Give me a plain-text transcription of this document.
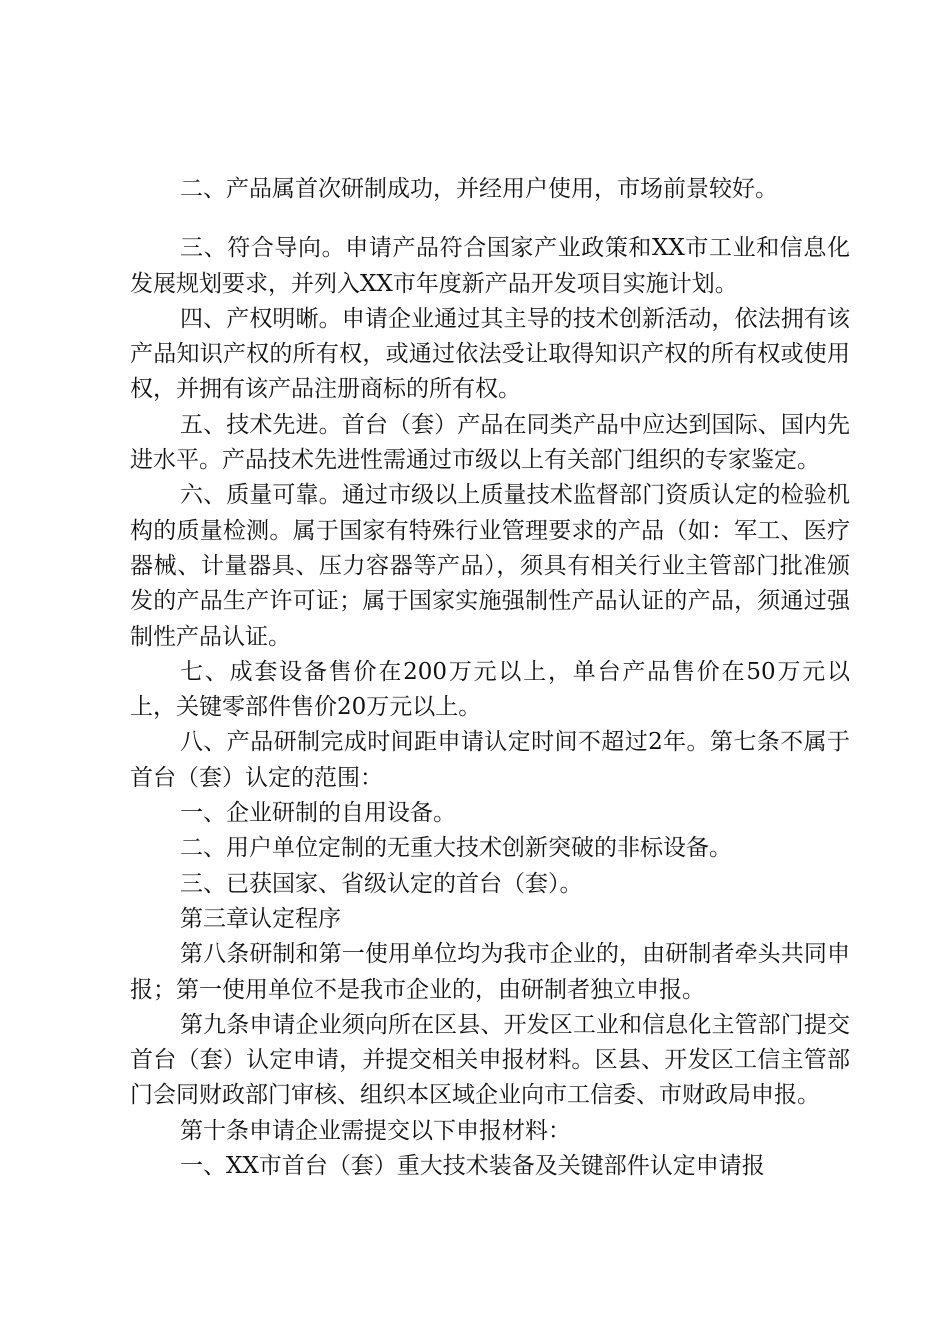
二、产品属首次研制成功，并经用户使用，市场前景较好。

三、符合导向。申请产品符合国家产业政策和XX市工业和信息化发展规划要求，并列入XX市年度新产品开发项目实施计划。

四、产权明晰。申请企业通过其主导的技术创新活动，依法拥有该产品知识产权的所有权，或通过依法受让取得知识产权的所有权或使用权，并拥有该产品注册商标的所有权。

五、技术先进。首台（套）产品在同类产品中应达到国际、国内先进水平。产品技术先进性需通过市级以上有关部门组织的专家鉴定。

六、质量可靠。通过市级以上质量技术监督部门资质认定的检验机构的质量检测。属于国家有特殊行业管理要求的产品（如：军工、医疗器械、计量器具、压力容器等产品），须具有相关行业主管部门批准颁发的产品生产许可证；属于国家实施强制性产品认证的产品，须通过强制性产品认证。

七、成套设备售价在200万元以上，单台产品售价在50万元以上，关键零部件售价20万元以上。

八、产品研制完成时间距申请认定时间不超过2年。第七条不属于首台（套）认定的范围：

一、企业研制的自用设备。

二、用户单位定制的无重大技术创新突破的非标设备。

三、已获国家、省级认定的首台（套）。

第三章认定程序

第八条研制和第一使用单位均为我市企业的，由研制者牵头共同申报；第一使用单位不是我市企业的，由研制者独立申报。

第九条申请企业须向所在区县、开发区工业和信息化主管部门提交首台（套）认定申请，并提交相关申报材料。区县、开发区工信主管部门会同财政部门审核、组织本区域企业向市工信委、市财政局申报。

第十条申请企业需提交以下申报材料：

一、XX市首台（套）重大技术装备及关键部件认定申请报
